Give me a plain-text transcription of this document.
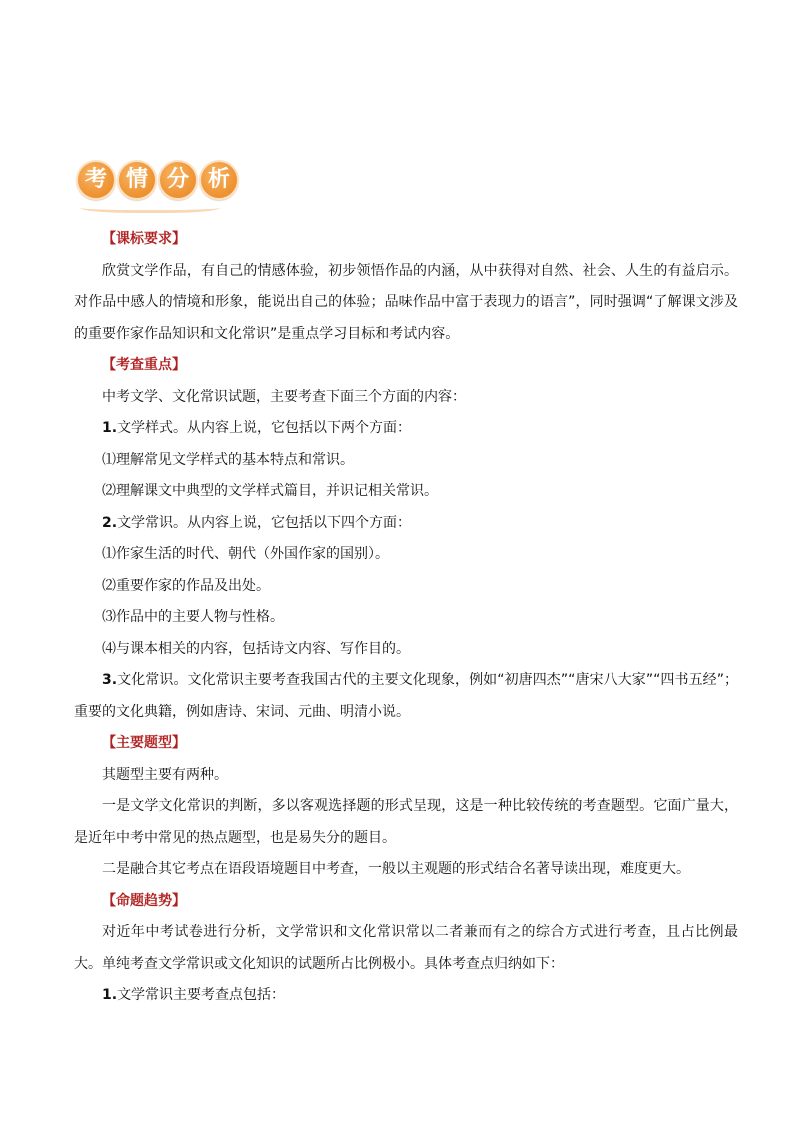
考 情 分 析

【课标要求】

欣赏文学作品，有自己的情感体验，初步领悟作品的内涵，从中获得对自然、社会、人生的有益启示。对作品中感人的情境和形象，能说出自己的体验；品味作品中富于表现力的语言”，同时强调“了解课文涉及的重要作家作品知识和文化常识”是重点学习目标和考试内容。

【考查重点】

中考文学、文化常识试题，主要考查下面三个方面的内容：

1.文学样式。从内容上说，它包括以下两个方面：

⑴理解常见文学样式的基本特点和常识。

⑵理解课文中典型的文学样式篇目，并识记相关常识。

2.文学常识。从内容上说，它包括以下四个方面：

⑴作家生活的时代、朝代（外国作家的国别）。

⑵重要作家的作品及出处。

⑶作品中的主要人物与性格。

⑷与课本相关的内容，包括诗文内容、写作目的。

3.文化常识。文化常识主要考查我国古代的主要文化现象，例如“初唐四杰”“唐宋八大家”“四书五经”；重要的文化典籍，例如唐诗、宋词、元曲、明清小说。

【主要题型】

其题型主要有两种。

一是文学文化常识的判断，多以客观选择题的形式呈现，这是一种比较传统的考查题型。它面广量大，是近年中考中常见的热点题型，也是易失分的题目。

二是融合其它考点在语段语境题目中考查，一般以主观题的形式结合名著导读出现，难度更大。

【命题趋势】

对近年中考试卷进行分析，文学常识和文化常识常以二者兼而有之的综合方式进行考查，且占比例最大。单纯考查文学常识或文化知识的试题所占比例极小。具体考查点归纳如下：

1.文学常识主要考查点包括：
